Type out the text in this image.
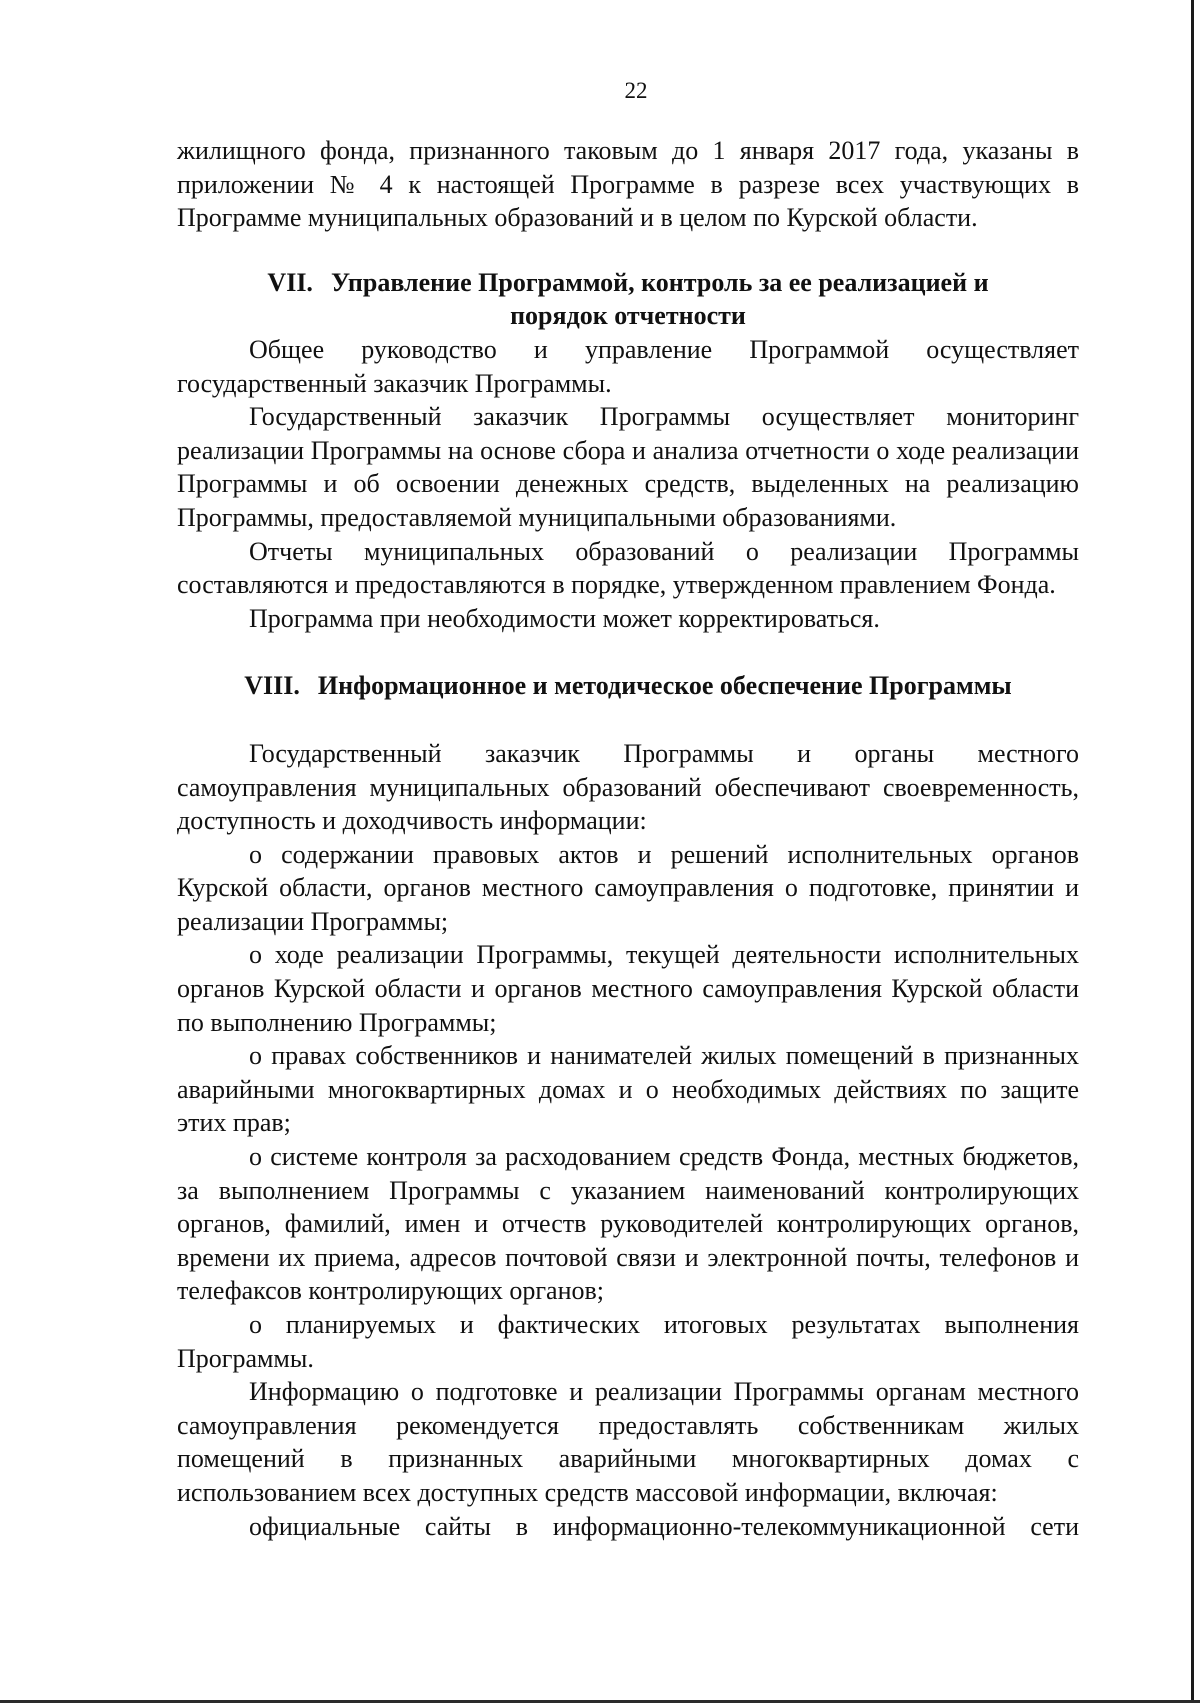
22

жилищного фонда, признанного таковым до 1 января 2017 года, указаны в приложении № 4 к настоящей Программе в разрезе всех участвующих в Программе муниципальных образований и в целом по Курской области.

VII. Управление Программой, контроль за ее реализацией и
порядок отчетности

Общее руководство и управление Программой осуществляет государственный заказчик Программы.

Государственный заказчик Программы осуществляет мониторинг реализации Программы на основе сбора и анализа отчетности о ходе реализации Программы и об освоении денежных средств, выделенных на реализацию Программы, предоставляемой муниципальными образованиями.

Отчеты муниципальных образований о реализации Программы составляются и предоставляются в порядке, утвержденном правлением Фонда.

Программа при необходимости может корректироваться.

VIII. Информационное и методическое обеспечение Программы

Государственный заказчик Программы и органы местного самоуправления муниципальных образований обеспечивают своевременность, доступность и доходчивость информации:

о содержании правовых актов и решений исполнительных органов Курской области, органов местного самоуправления о подготовке, принятии и реализации Программы;

о ходе реализации Программы, текущей деятельности исполнительных органов Курской области и органов местного самоуправления Курской области по выполнению Программы;

о правах собственников и нанимателей жилых помещений в признанных аварийными многоквартирных домах и о необходимых действиях по защите этих прав;

о системе контроля за расходованием средств Фонда, местных бюджетов, за выполнением Программы с указанием наименований контролирующих органов, фамилий, имен и отчеств руководителей контролирующих органов, времени их приема, адресов почтовой связи и электронной почты, телефонов и телефаксов контролирующих органов;

о планируемых и фактических итоговых результатах выполнения Программы.

Информацию о подготовке и реализации Программы органам местного самоуправления рекомендуется предоставлять собственникам жилых помещений в признанных аварийными многоквартирных домах с использованием всех доступных средств массовой информации, включая:

официальные сайты в информационно-телекоммуникационной сети
